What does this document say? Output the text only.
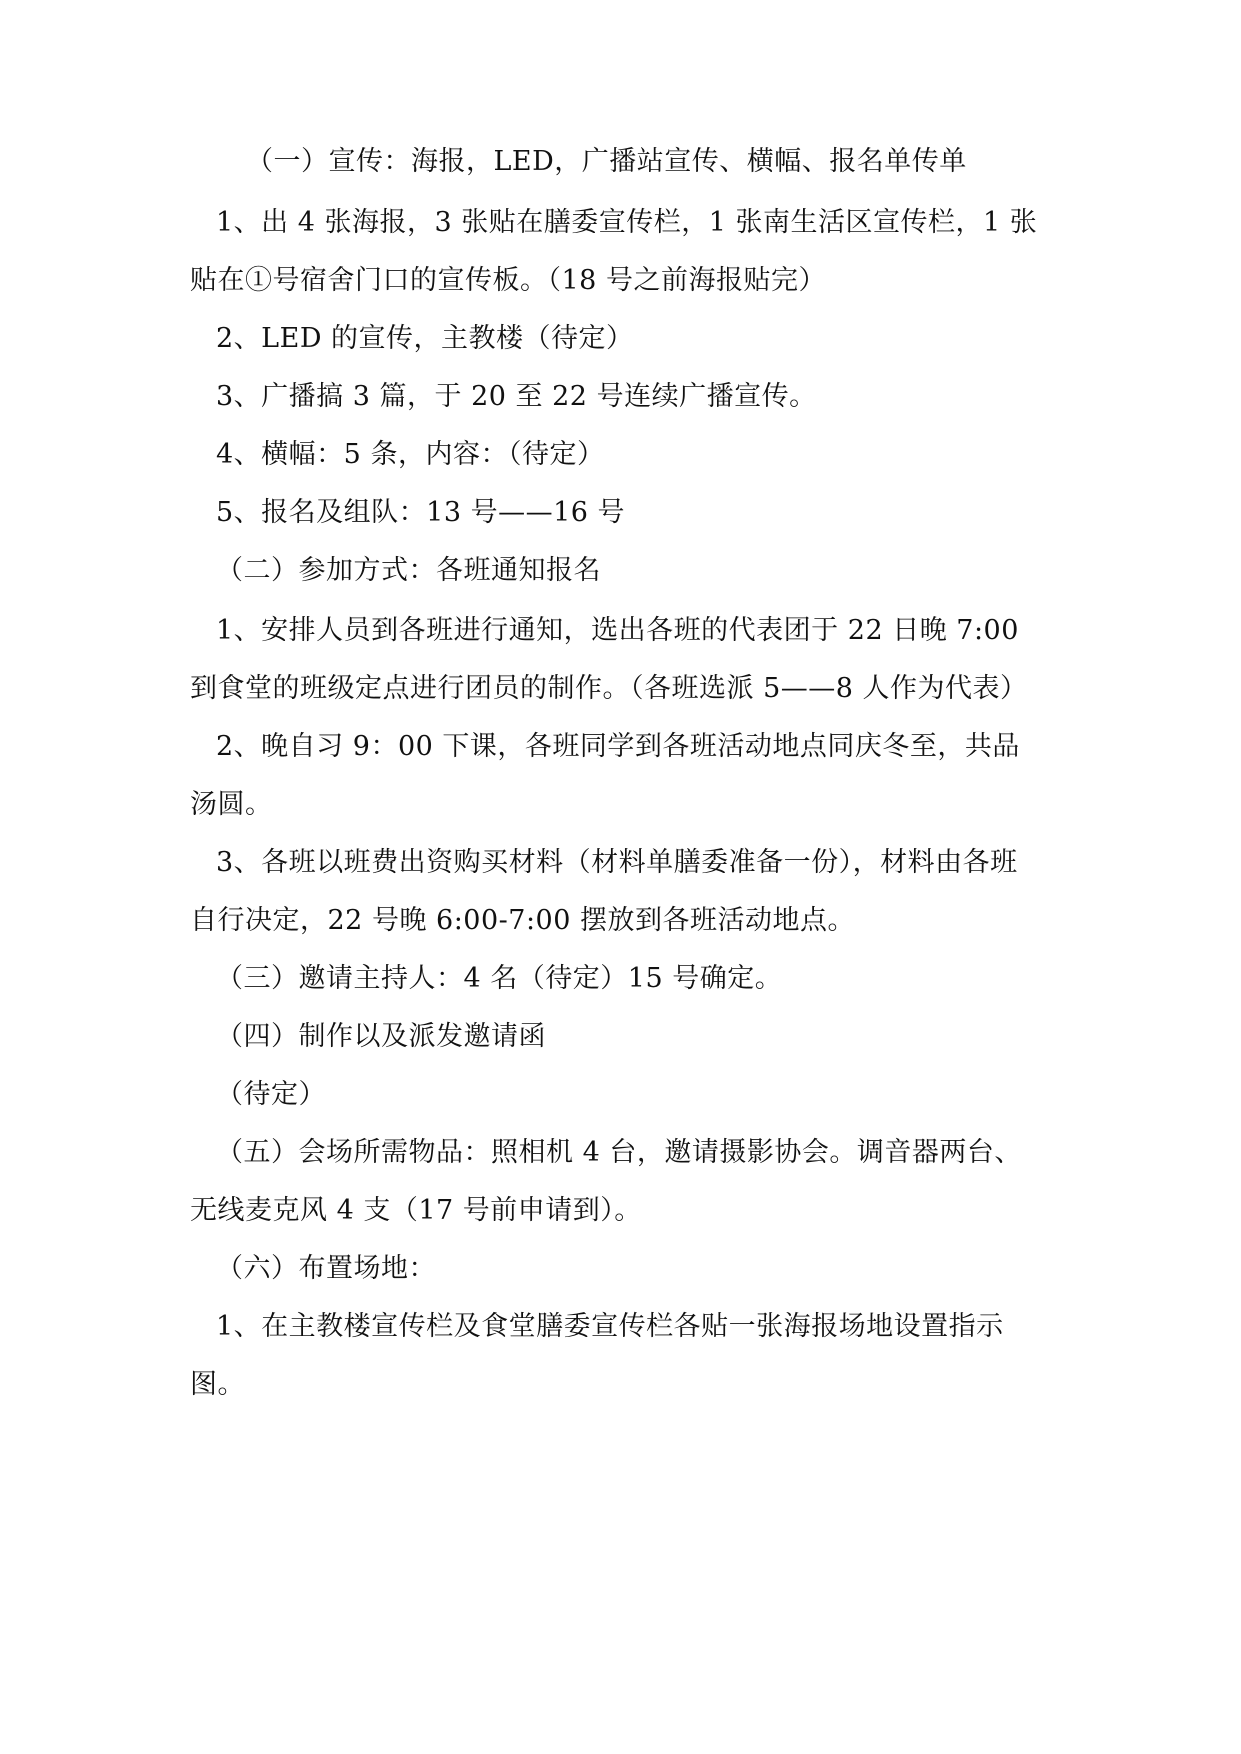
（一）宣传：海报，LED，广播站宣传、横幅、报名单传单
1、出 4 张海报，3 张贴在膳委宣传栏，1 张南生活区宣传栏，1 张
贴在①号宿舍门口的宣传板。（18 号之前海报贴完）
2、LED 的宣传，主教楼（待定）
3、广播搞 3 篇，于 20 至 22 号连续广播宣传。
4、横幅：5 条，内容：（待定）
5、报名及组队：13 号——16 号
（二）参加方式：各班通知报名
1、安排人员到各班进行通知，选出各班的代表团于 22 日晚 7:00
到食堂的班级定点进行团员的制作。（各班选派 5——8 人作为代表）
2、晚自习 9：00 下课，各班同学到各班活动地点同庆冬至，共品
汤圆。
3、各班以班费出资购买材料（材料单膳委准备一份），材料由各班
自行决定，22 号晚 6:00-7:00 摆放到各班活动地点。
（三）邀请主持人：4 名（待定）15 号确定。
（四）制作以及派发邀请函
（待定）
（五）会场所需物品：照相机 4 台，邀请摄影协会。调音器两台、
无线麦克风 4 支（17 号前申请到）。
（六）布置场地：
1、在主教楼宣传栏及食堂膳委宣传栏各贴一张海报场地设置指示
图。
